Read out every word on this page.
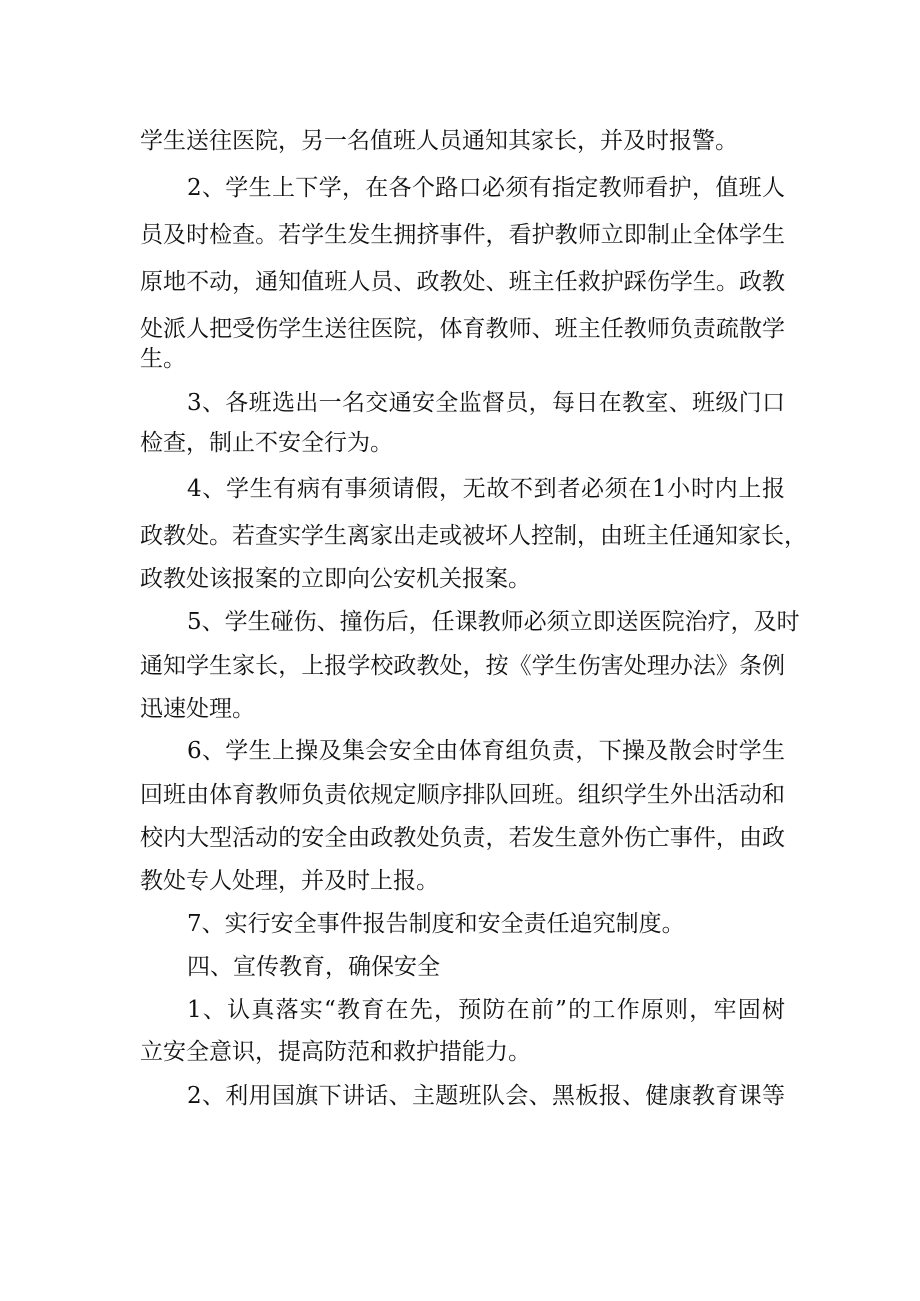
学生送往医院，另一名值班人员通知其家长，并及时报警。
2、学生上下学，在各个路口必须有指定教师看护，值班人
员及时检查。若学生发生拥挤事件，看护教师立即制止全体学生
原地不动，通知值班人员、政教处、班主任救护踩伤学生。政教
处派人把受伤学生送往医院，体育教师、班主任教师负责疏散学
生。
3、各班选出一名交通安全监督员，每日在教室、班级门口
检查，制止不安全行为。
4、学生有病有事须请假，无故不到者必须在1小时内上报
政教处。若查实学生离家出走或被坏人控制，由班主任通知家长，
政教处该报案的立即向公安机关报案。
5、学生碰伤、撞伤后，任课教师必须立即送医院治疗，及时
通知学生家长，上报学校政教处，按《学生伤害处理办法》条例
迅速处理。
6、学生上操及集会安全由体育组负责，下操及散会时学生
回班由体育教师负责依规定顺序排队回班。组织学生外出活动和
校内大型活动的安全由政教处负责，若发生意外伤亡事件，由政
教处专人处理，并及时上报。
7、实行安全事件报告制度和安全责任追究制度。
四、宣传教育，确保安全
1、认真落实“教育在先，预防在前”的工作原则，牢固树
立安全意识，提高防范和救护措能力。
2、利用国旗下讲话、主题班队会、黑板报、健康教育课等
